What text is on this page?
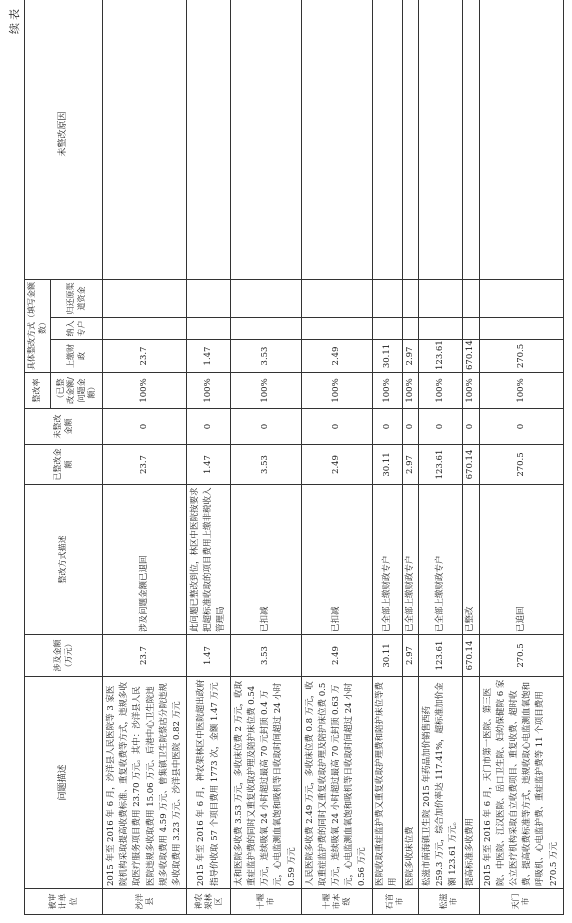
续表
被审计单位	问题描述	涉及金额（万元）	整改方式描述	已整改金额	未整改金额	整改率	具体整改方式（填写金额数）			未整改原因
						（已整改金额/问题金额）	上缴财政	纳入专户	归还原渠道资金	

沙洋县	2015 年至 2016 年 6 月，沙洋县人民医院等 3 家医院机构采取提高收费标准、重复收费等方式，违规多收取医疗服务项目费用 23.70 万元。其中：沙洋县人民医院违规多收取费用 15.06 万元、后港中心卫生院违规多收取费用 4.59 万元、曾集镇卫生院蔡店分院违规多收取费用 3.23 万元、沙洋县中医院 0.82 万元	23.7	涉及问题金额已退回	23.7	0	100%	23.7			
神农架林区	2015 年至 2016 年 6 月，神农架林区中医院超出政府指导价收取 57 个项目费用 1773 次，金额 1.47 万元	1.47	此问题已整改到位，林区中医院按要求把超标准收取的项目费用上缴非税收入管理局	1.47	0	100%	1.47			
十堰市	太和医院多收费 3.53 万元，多收床位费 2 万元，收取重症监护费的同时又重复收取护理及陪护床位费 0.54 万元，连续吸氧 24 小时超过最高 70 元封顶 0.4 万元，心电监测血氧饱和吸机等日收取时间超过 24 小时 0.59 万元	3.53	已扣减	3.53	0	100%	3.53			
十堰市本级	人民医院多收费 2.49 万元，多收床位费 0.8 万元，收取重症监护费的同时又重复收取护理及陪护床位费 0.5 万元，连续吸氧 24 小时超过最高 70 元封顶 0.63 万元，心电监测血氧饱和吸机等日收取时间超过 24 小时 0.56 万元	2.49	已扣减	2.49	0	100%	2.49			
石首市	医院收取重症监护费又重复收取护理费和陪护床位等费用	30.11	已全部上缴财政专户	30.11	0	100%	30.11			
	医院多收床位费	2.97	已全部上缴财政专户	2.97	0	100%	2.97			
松滋市	松滋市南海镇卫生院 2015 年药品加价销售西药 259.3 万元，综合加价率达 117.41%，超标准加价金额 123.61 万元。	123.61	已全部上缴财政专户	123.61	0	100%	123.61			
	提高标准多收费用	670.14	已整改	670.14	0	100%	670.14			
天门市	2015 年至 2016 年 6 月，天门市第一医院、第三医院、中医院、江汉医院、岳口卫生院、妇幼保健院 6 家公立医疗机构采取自立收费项目、重复收费、超时收费、提高收费标准等方式，违规收取心电监测血氧饱和呼吸机、心电监护费、重症监护费等 11 个项目费用 270.5 万元	270.5	已追回	270.5	0	100%	270.5			
